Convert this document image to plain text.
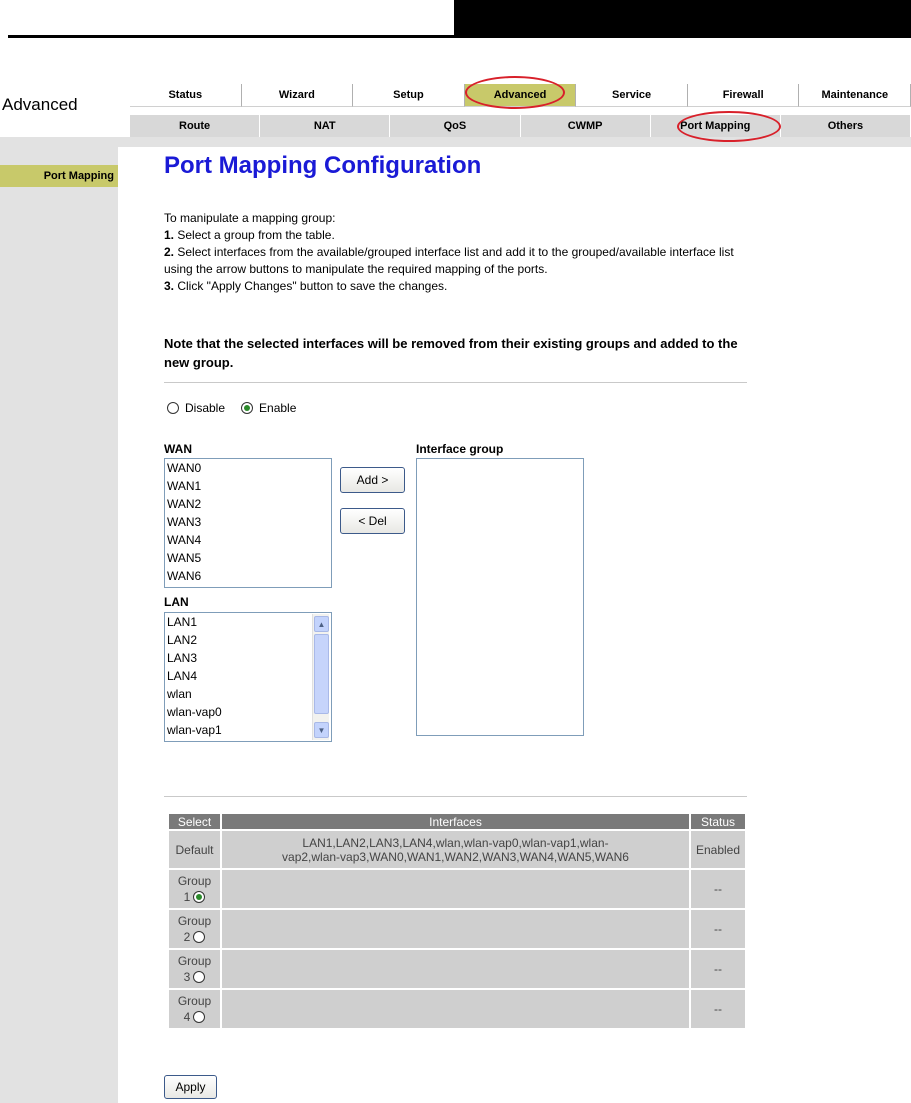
Advanced	Status	Wizard	Setup	Advanced	Service	Firewall	Maintenance
Route	NAT	QoS	CWMP	Port Mapping	Others
Port Mapping Port Mapping Configuration
To manipulate a mapping group:
1. Select a group from the table.
2. Select interfaces from the available/grouped interface list and add it to the grouped/available interface list using the arrow buttons to manipulate the required mapping of the ports.
3. Click "Apply Changes" button to save the changes.
Note that the selected interfaces will be removed from their existing groups and added to the new group.
Disable	Enable
WAN
WAN0
WAN1
WAN2
WAN3
WAN4
WAN5
WAN6
LAN
LAN1
LAN2
LAN3
LAN4
wlan
wlan-vap0
wlan-vap1
▲
▼
Add >
< Del
Interface group
Select	Interfaces	Status
Default	LAN1,LAN2,LAN3,LAN4,wlan,wlan-vap0,wlan-vap1,wlan-vap2,wlan-vap3,WAN0,WAN1,WAN2,WAN3,WAN4,WAN5,WAN6	Enabled

Group
1		--

Group
2		--

Group
3		--

Group
4		--
Apply
